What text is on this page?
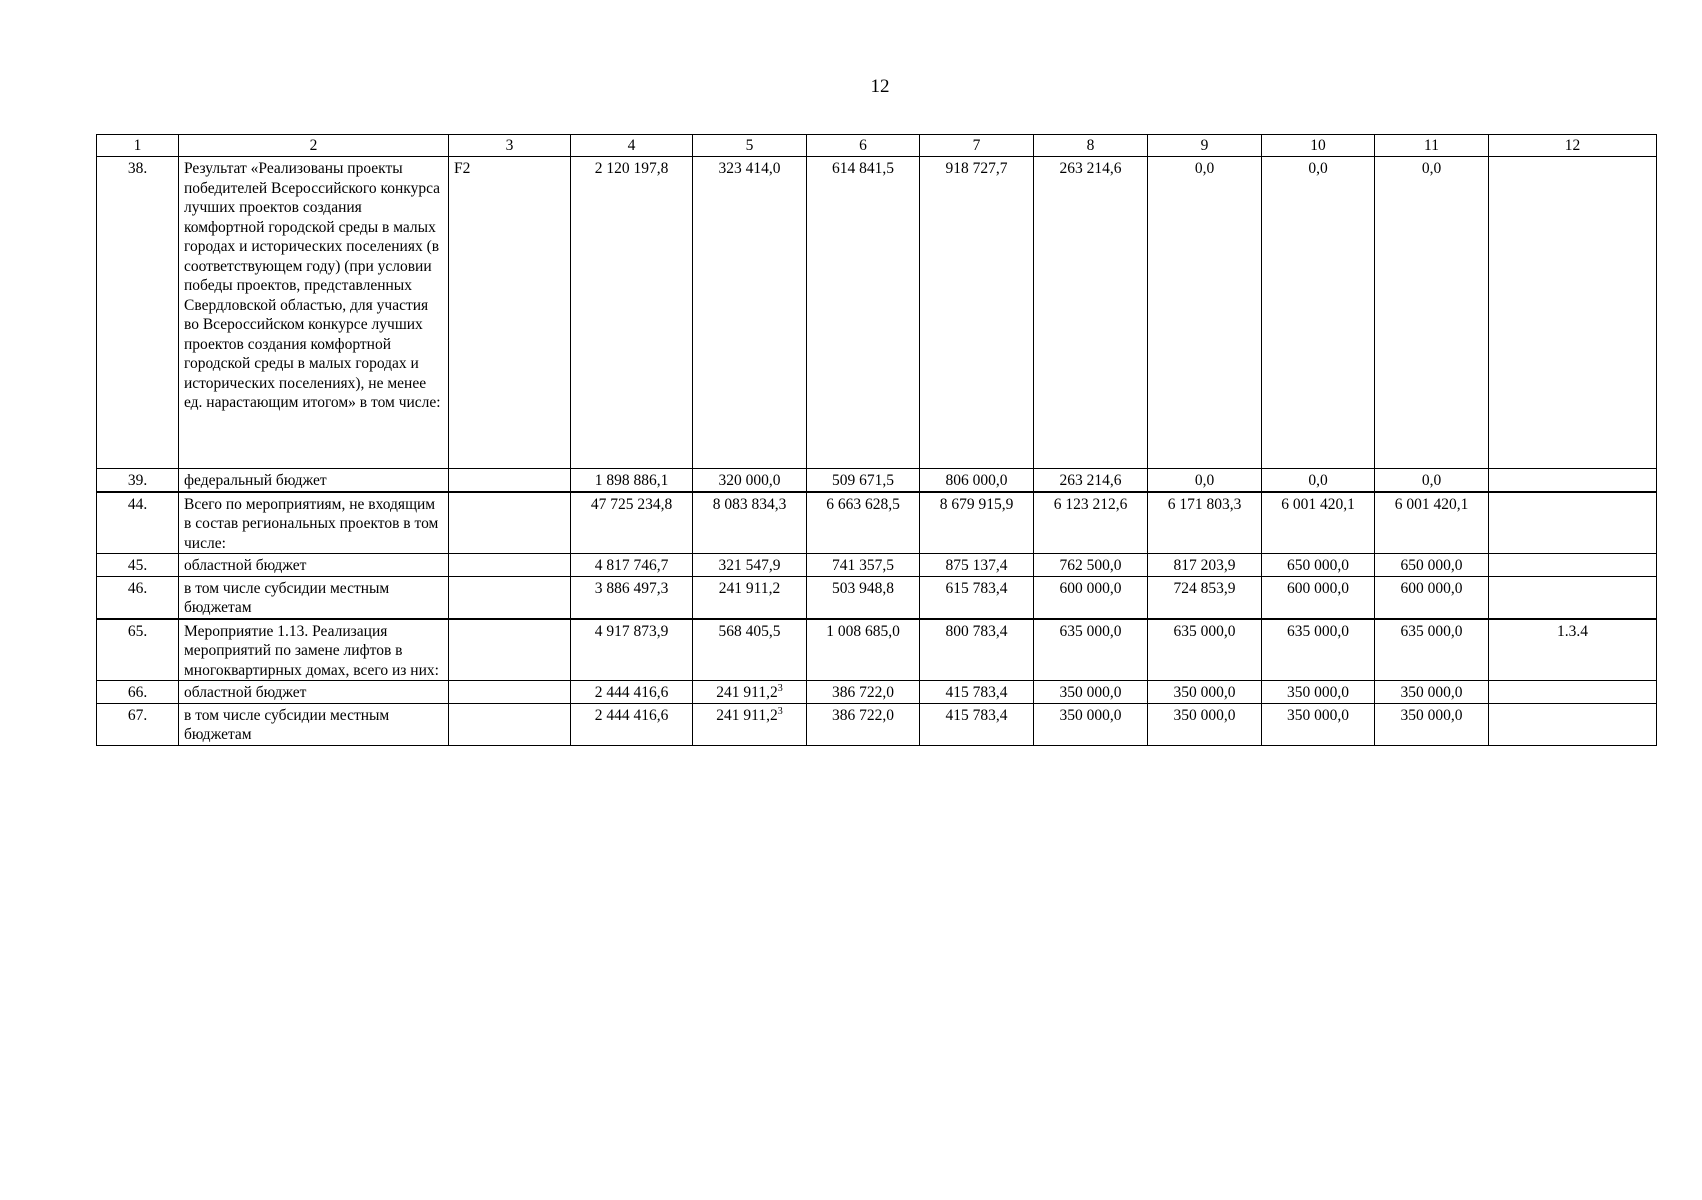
12
1	2	3	4	5	6	7	8	9	10	11	12
38.	Результат «Реализованы проекты победителей Всероссийского конкурса лучших проектов создания комфортной городской среды в малых городах и исторических поселениях (в соответствующем году) (при условии победы проектов, представленных Свердловской областью, для участия во Всероссийском конкурсе лучших проектов создания комфортной городской среды в малых городах и исторических поселениях), не менее ед. нарастающим итогом» в том числе:	F2	2 120 197,8	323 414,0	614 841,5	918 727,7	263 214,6	0,0	0,0	0,0	
39.	федеральный бюджет		1 898 886,1	320 000,0	509 671,5	806 000,0	263 214,6	0,0	0,0	0,0	
44.	Всего по мероприятиям, не входящим в состав региональных проектов в том числе:		47 725 234,8	8 083 834,3	6 663 628,5	8 679 915,9	6 123 212,6	6 171 803,3	6 001 420,1	6 001 420,1	
45.	областной бюджет		4 817 746,7	321 547,9	741 357,5	875 137,4	762 500,0	817 203,9	650 000,0	650 000,0	
46.	в том числе субсидии местным бюджетам		3 886 497,3	241 911,2	503 948,8	615 783,4	600 000,0	724 853,9	600 000,0	600 000,0	
65.	Мероприятие 1.13. Реализация мероприятий по замене лифтов в многоквартирных домах, всего из них:		4 917 873,9	568 405,5	1 008 685,0	800 783,4	635 000,0	635 000,0	635 000,0	635 000,0	1.3.4
66.	областной бюджет		2 444 416,6	241 911,2$^3$	386 722,0	415 783,4	350 000,0	350 000,0	350 000,0	350 000,0	
67.	в том числе субсидии местным бюджетам		2 444 416,6	241 911,2$^3$	386 722,0	415 783,4	350 000,0	350 000,0	350 000,0	350 000,0	
